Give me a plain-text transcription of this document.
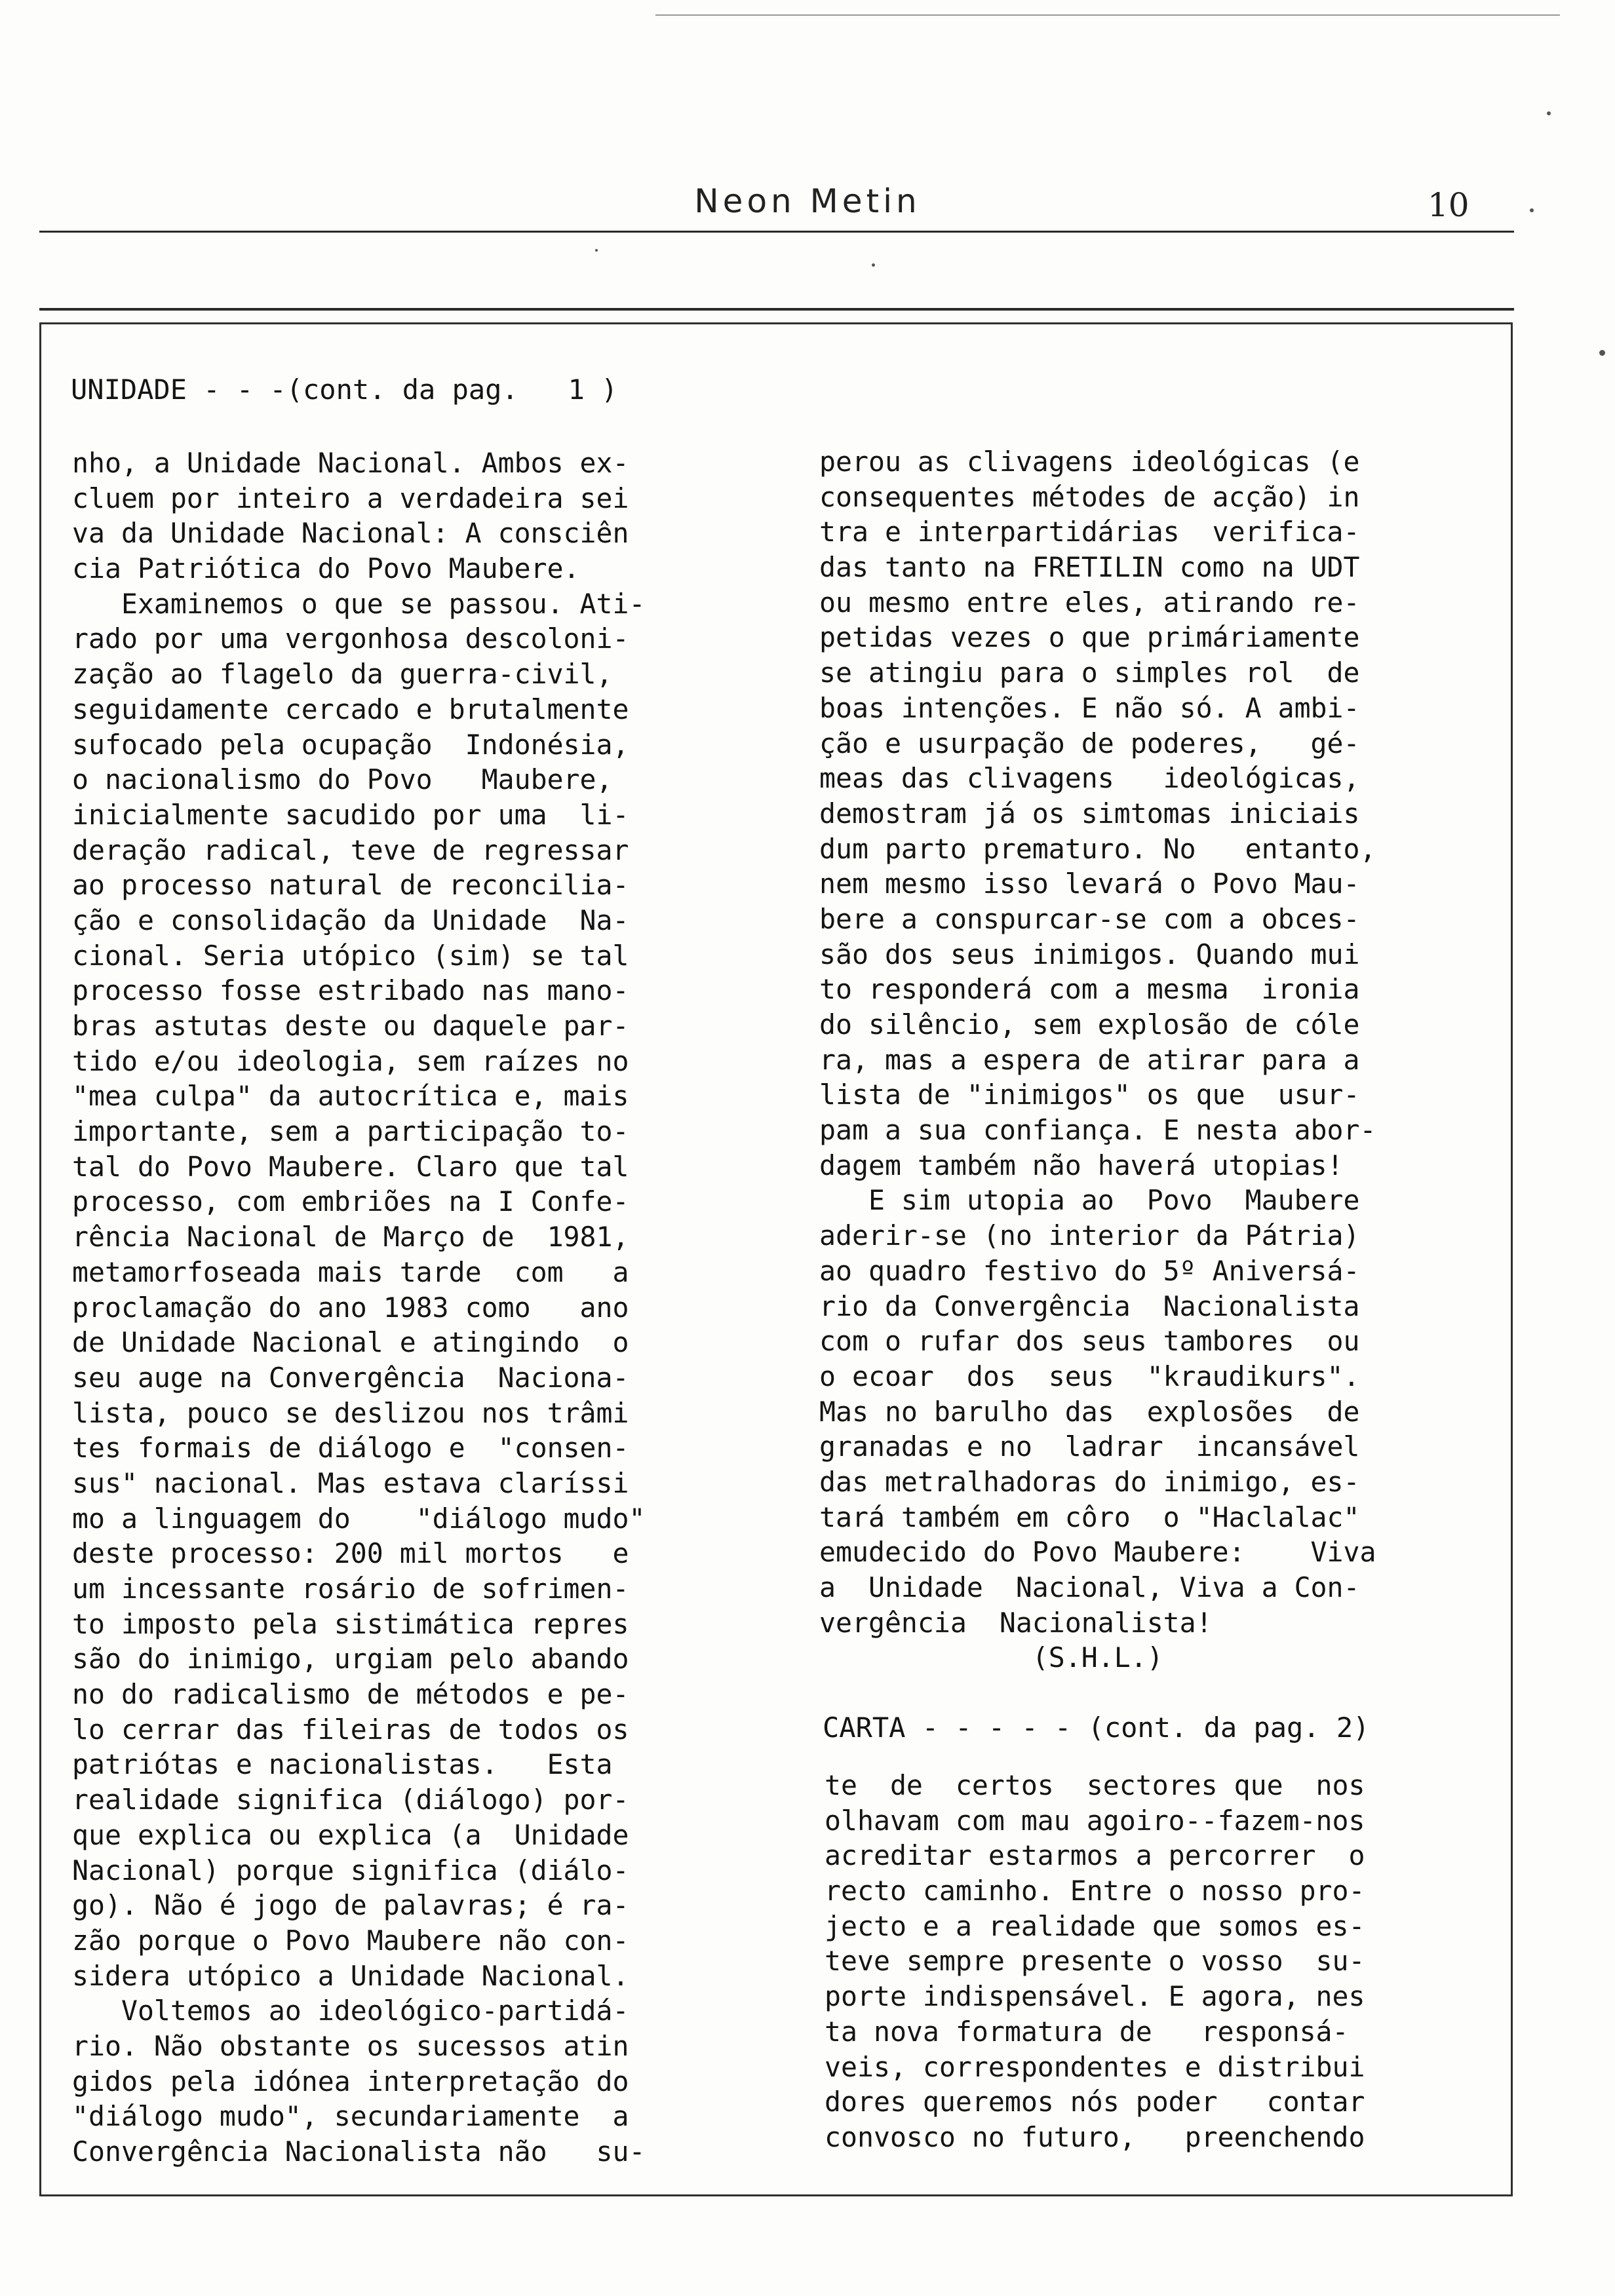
Neon Metin	10
UNIDADE - - -(cont. da pag.   1 )
nho, a Unidade Nacional. Ambos ex-
cluem por inteiro a verdadeira sei
va da Unidade Nacional: A consciên
cia Patriótica do Povo Maubere.
Examinemos o que se passou. Ati-
rado por uma vergonhosa descoloni-
zação ao flagelo da guerra-civil,
seguidamente cercado e brutalmente
sufocado pela ocupação  Indonésia,
o nacionalismo do Povo   Maubere,
inicialmente sacudido por uma  li-
deração radical, teve de regressar
ao processo natural de reconcilia-
ção e consolidação da Unidade  Na-
cional. Seria utópico (sim) se tal
processo fosse estribado nas mano-
bras astutas deste ou daquele par-
tido e/ou ideologia, sem raízes no
"mea culpa" da autocrítica e, mais
importante, sem a participação to-
tal do Povo Maubere. Claro que tal
processo, com embriões na I Confe-
rência Nacional de Março de  1981,
metamorfoseada mais tarde  com   a
proclamação do ano 1983 como   ano
de Unidade Nacional e atingindo  o
seu auge na Convergência  Naciona-
lista, pouco se deslizou nos trâmi
tes formais de diálogo e  "consen-
sus" nacional. Mas estava claríssi
mo a linguagem do    "diálogo mudo"
deste processo: 200 mil mortos   e
um incessante rosário de sofrimen-
to imposto pela sistimática repres
são do inimigo, urgiam pelo abando
no do radicalismo de métodos e pe-
lo cerrar das fileiras de todos os
patriótas e nacionalistas.   Esta
realidade significa (diálogo) por-
que explica ou explica (a  Unidade
Nacional) porque significa (diálo-
go). Não é jogo de palavras; é ra-
zão porque o Povo Maubere não con-
sidera utópico a Unidade Nacional.
Voltemos ao ideológico-partidá-
rio. Não obstante os sucessos atin
gidos pela idónea interpretação do
"diálogo mudo", secundariamente  a
Convergência Nacionalista não   su-
perou as clivagens ideológicas (e
consequentes métodes de acção) in
tra e interpartidárias  verifica-
das tanto na FRETILIN como na UDT
ou mesmo entre eles, atirando re-
petidas vezes o que primáriamente
se atingiu para o simples rol  de
boas intenções. E não só. A ambi-
ção e usurpação de poderes,   gé-
meas das clivagens   ideológicas,
demostram já os simtomas iniciais
dum parto prematuro. No   entanto,
nem mesmo isso levará o Povo Mau-
bere a conspurcar-se com a obces-
são dos seus inimigos. Quando mui
to responderá com a mesma  ironia
do silêncio, sem explosão de cóle
ra, mas a espera de atirar para a
lista de "inimigos" os que  usur-
pam a sua confiança. E nesta abor-
dagem também não haverá utopias!
E sim utopia ao  Povo  Maubere
aderir-se (no interior da Pátria)
ao quadro festivo do 5º Aniversá-
rio da Convergência  Nacionalista
com o rufar dos seus tambores  ou
o ecoar  dos  seus  "kraudikurs".
Mas no barulho das  explosões  de
granadas e no  ladrar  incansável
das metralhadoras do inimigo, es-
tará também em côro  o "Haclalac"
emudecido do Povo Maubere:    Viva
a  Unidade  Nacional, Viva a Con-
vergência  Nacionalista!
(S.H.L.)
CARTA - - - - - (cont. da pag. 2)
te  de  certos  sectores que  nos
olhavam com mau agoiro--fazem-nos
acreditar estarmos a percorrer  o
recto caminho. Entre o nosso pro-
jecto e a realidade que somos es-
teve sempre presente o vosso  su-
porte indispensável. E agora, nes
ta nova formatura de   responsá-
veis, correspondentes e distribui
dores queremos nós poder   contar
convosco no futuro,   preenchendo
